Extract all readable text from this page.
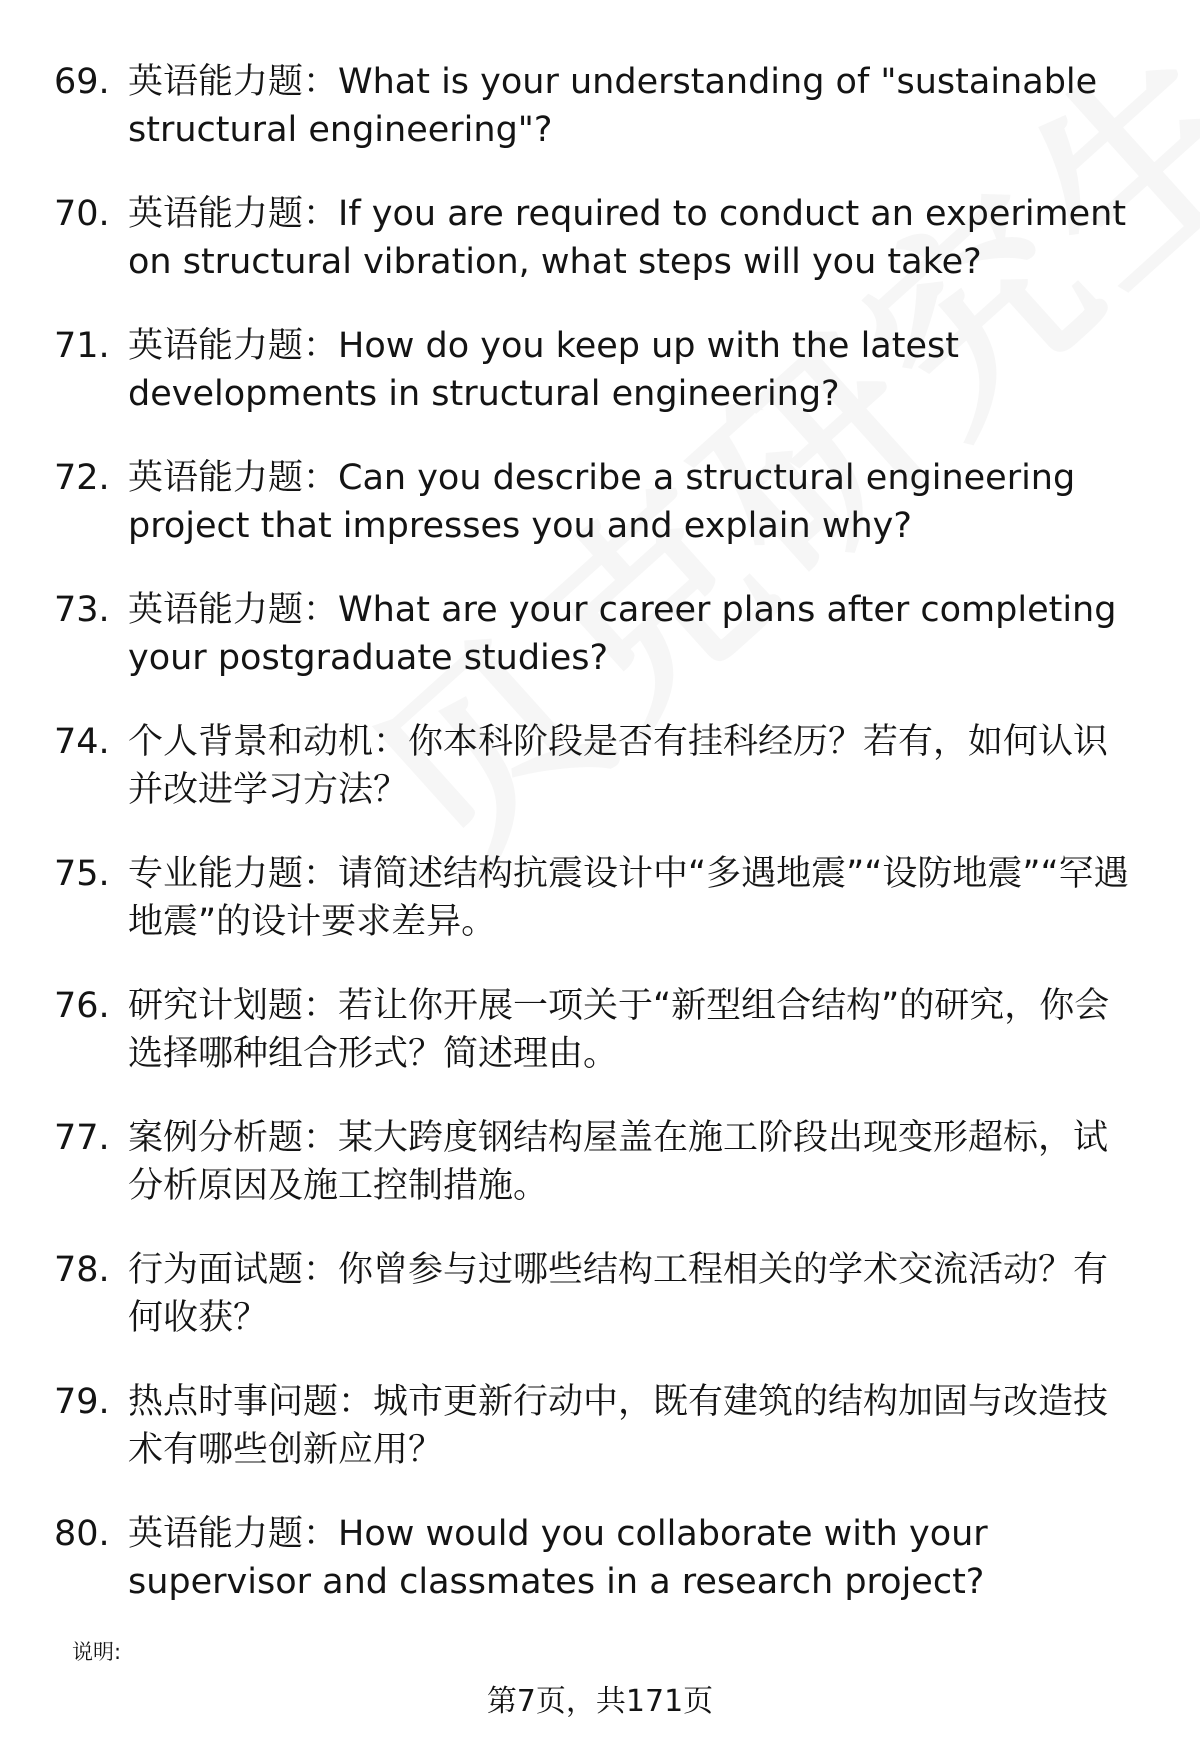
69. 英语能力题：What is your understanding of "sustainable structural engineering"?
70. 英语能力题：If you are required to conduct an experiment on structural vibration, what steps will you take?
71. 英语能力题：How do you keep up with the latest developments in structural engineering?
72. 英语能力题：Can you describe a structural engineering project that impresses you and explain why?
73. 英语能力题：What are your career plans after completing your postgraduate studies?
74. 个人背景和动机：你本科阶段是否有挂科经历？若有，如何认识并改进学习方法？
75. 专业能力题：请简述结构抗震设计中“多遇地震”“设防地震”“罕遇地震”的设计要求差异。
76. 研究计划题：若让你开展一项关于“新型组合结构”的研究，你会选择哪种组合形式？简述理由。
77. 案例分析题：某大跨度钢结构屋盖在施工阶段出现变形超标，试分析原因及施工控制措施。
78. 行为面试题：你曾参与过哪些结构工程相关的学术交流活动？有何收获？
79. 热点时事问题：城市更新行动中，既有建筑的结构加固与改造技术有哪些创新应用？
80. 英语能力题：How would you collaborate with your supervisor and classmates in a research project?
说明:
第7页，共171页
